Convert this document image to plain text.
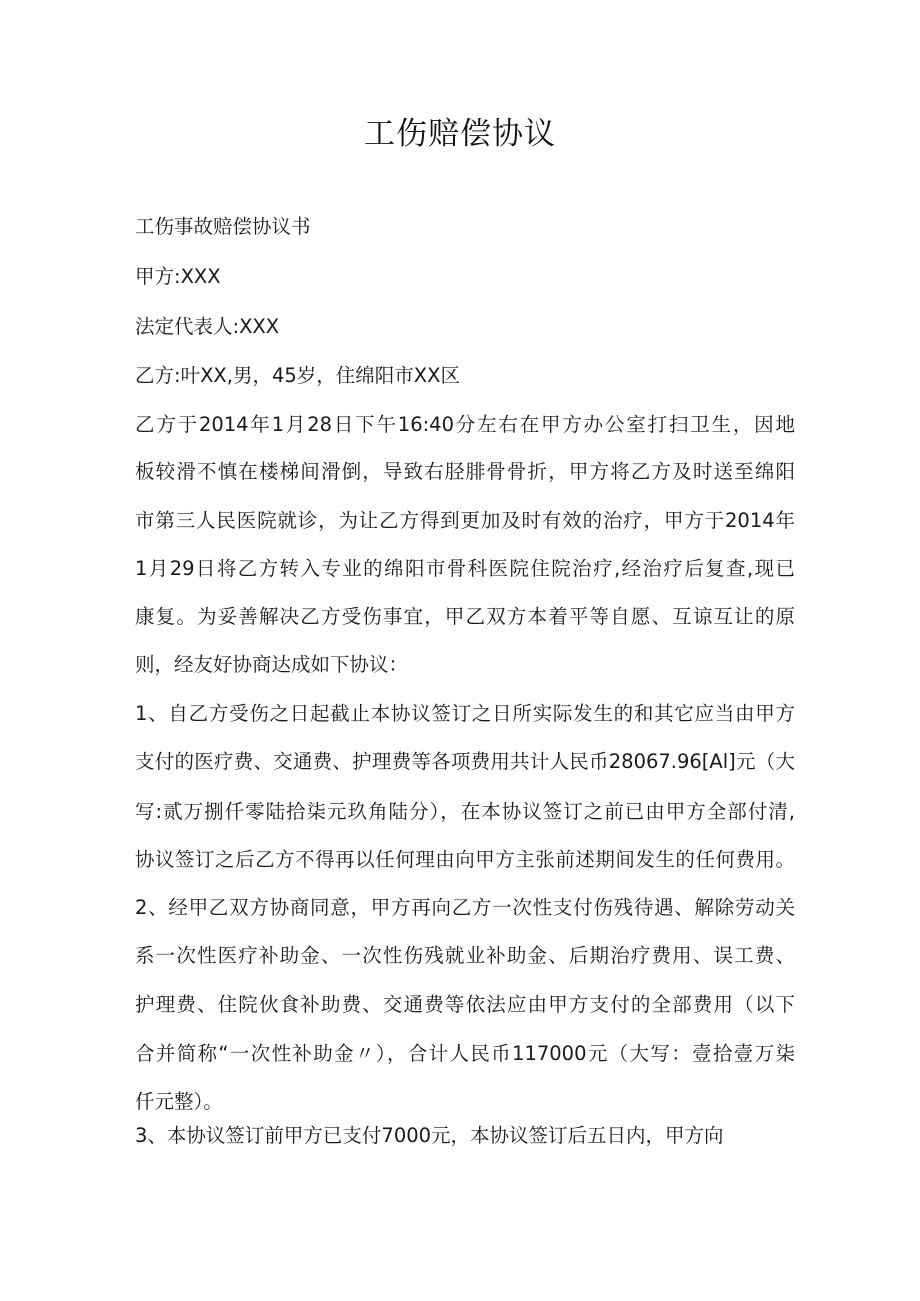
工伤赔偿协议
工伤事故赔偿协议书
甲方:XXX
法定代表人:XXX
乙方:叶XX,男，45岁，住绵阳市XX区
乙方于2014年1月28日下午16:40分左右在甲方办公室打扫卫生，因地
板较滑不慎在楼梯间滑倒，导致右胫腓骨骨折，甲方将乙方及时送至绵阳
市第三人民医院就诊，为让乙方得到更加及时有效的治疗，甲方于2014年
1月29日将乙方转入专业的绵阳市骨科医院住院治疗,经治疗后复查,现已
康复。为妥善解决乙方受伤事宜，甲乙双方本着平等自愿、互谅互让的原
则，经友好协商达成如下协议：
1、自乙方受伤之日起截止本协议签订之日所实际发生的和其它应当由甲方
支付的医疗费、交通费、护理费等各项费用共计人民币28067.96[Al]元（大
写:贰万捌仟零陆拾柒元玖角陆分），在本协议签订之前已由甲方全部付清,
协议签订之后乙方不得再以任何理由向甲方主张前述期间发生的任何费用。
2、经甲乙双方协商同意，甲方再向乙方一次性支付伤残待遇、解除劳动关
系一次性医疗补助金、一次性伤残就业补助金、后期治疗费用、误工费、
护理费、住院伙食补助费、交通费等依法应由甲方支付的全部费用（以下
合并简称“一次性补助金〃），合计人民币117000元（大写：壹拾壹万柒
仟元整）。
3、本协议签订前甲方已支付7000元，本协议签订后五日内，甲方向
